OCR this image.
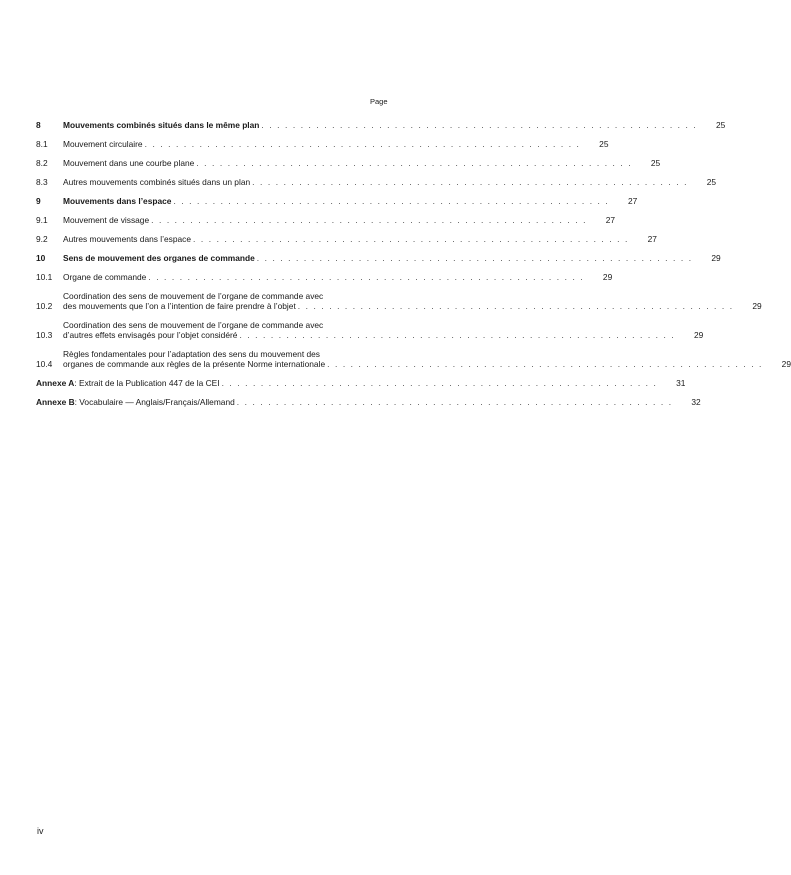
Page
8	Mouvements combinés situés dans le même plan . . . . . . . . . . . . . . . . . . . . . . . . . . . . . . . . . . . . . . . . . . . . . . . . . . . . . . . .	25
8.1	Mouvement circulaire . . . . . . . . . . . . . . . . . . . . . . . . . . . . . . . . . . . . . . . . . . . . . . . . . . . . . . . .	25
8.2	Mouvement dans une courbe plane . . . . . . . . . . . . . . . . . . . . . . . . . . . . . . . . . . . . . . . . . . . . . . . . . . . . . . . .	25
8.3	Autres mouvements combinés situés dans un plan . . . . . . . . . . . . . . . . . . . . . . . . . . . . . . . . . . . . . . . . . . . . . . . . . . . . . . . .	25
9	Mouvements dans l’espace . . . . . . . . . . . . . . . . . . . . . . . . . . . . . . . . . . . . . . . . . . . . . . . . . . . . . . . .	27
9.1	Mouvement de vissage . . . . . . . . . . . . . . . . . . . . . . . . . . . . . . . . . . . . . . . . . . . . . . . . . . . . . . . .	27
9.2	Autres mouvements dans l’espace . . . . . . . . . . . . . . . . . . . . . . . . . . . . . . . . . . . . . . . . . . . . . . . . . . . . . . . .	27
10	Sens de mouvement des organes de commande . . . . . . . . . . . . . . . . . . . . . . . . . . . . . . . . . . . . . . . . . . . . . . . . . . . . . . . .	29
10.1	Organe de commande . . . . . . . . . . . . . . . . . . . . . . . . . . . . . . . . . . . . . . . . . . . . . . . . . . . . . . . .	29
10.2
Coordination des sens de mouvement de l’organe de commande avec
des mouvements que l’on a l’intention de faire prendre à l’objet . . . . . . . . . . . . . . . . . . . . . . . . . . . . . . . . . . . . . . . . . . . . . . . . . . . . . . . .	29
10.3
Coordination des sens de mouvement de l’organe de commande avec
d’autres effets envisagés pour l’objet considéré . . . . . . . . . . . . . . . . . . . . . . . . . . . . . . . . . . . . . . . . . . . . . . . . . . . . . . . .	29
10.4
Règles fondamentales pour l’adaptation des sens du mouvement des
organes de commande aux règles de la présente Norme internationale . . . . . . . . . . . . . . . . . . . . . . . . . . . . . . . . . . . . . . . . . . . . . . . . . . . . . . . .	29
Annexe A : Extrait de la Publication 447 de la CEI . . . . . . . . . . . . . . . . . . . . . . . . . . . . . . . . . . . . . . . . . . . . . . . . . . . . . . . .	31
Annexe B : Vocabulaire — Anglais/Français/Allemand . . . . . . . . . . . . . . . . . . . . . . . . . . . . . . . . . . . . . . . . . . . . . . . . . . . . . . . .	32
iv
